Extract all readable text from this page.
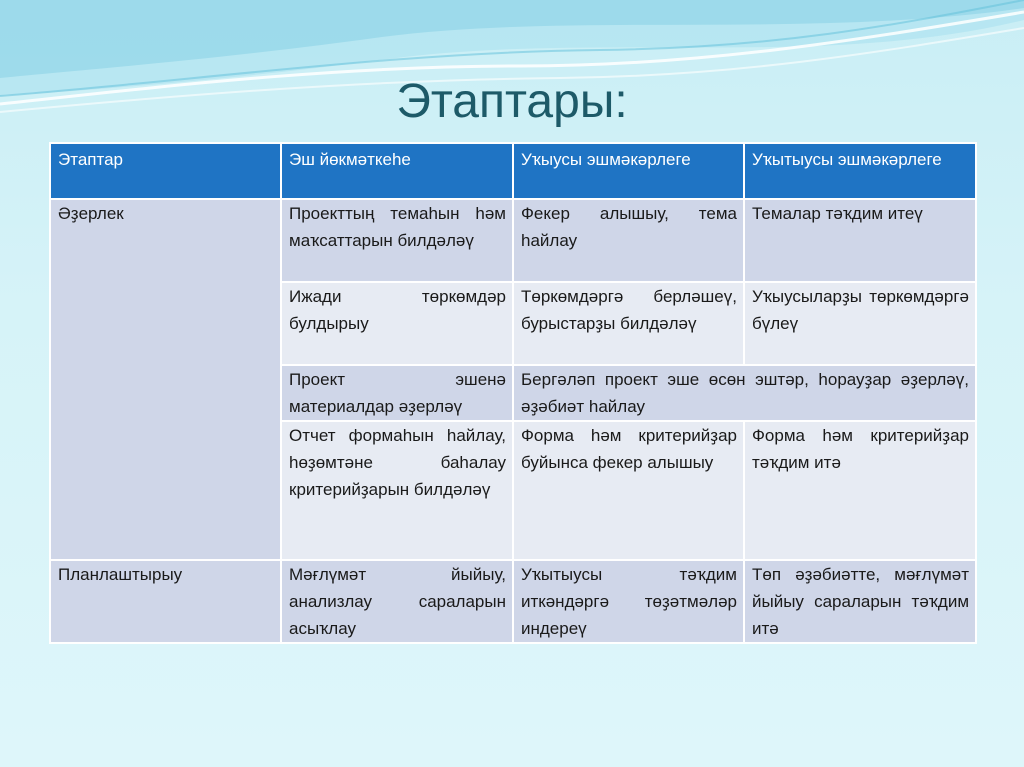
Этаптары:
Этаптар	Эш йөкмәткеһе	Уҡыусы эшмәкәрлеге	Уҡытыусы эшмәкәрлеге
Әҙерлек	Проекттың темаһын һәм маҡсаттарын билдәләү	Фекер алышыу, тема һайлау	Темалар тәҡдим итеү
	Ижади төркөмдәр булдырыу	Төркөмдәргә берләшеү, бурыстарҙы билдәләү	Уҡыусыларҙы төркөмдәргә бүлеү
	Проект эшенә материалдар әҙерләү	Бергәләп проект эше өсөн эштәр, һорауҙар әҙерләү, әҙәбиәт һайлау	
	Отчет формаһын һайлау, һөҙөмтәне баһалау критерийҙарын билдәләү	Форма һәм критерийҙар буйынса фекер алышыу	Форма һәм критерийҙар тәҡдим итә
Планлаштырыу	Мәғлүмәт йыйыу, анализлау сараларын асыҡлау	Уҡытыусы тәҡдим иткәндәргә төҙәтмәләр индереү	Төп әҙәбиәтте, мәғлүмәт йыйыу сараларын тәҡдим итә
